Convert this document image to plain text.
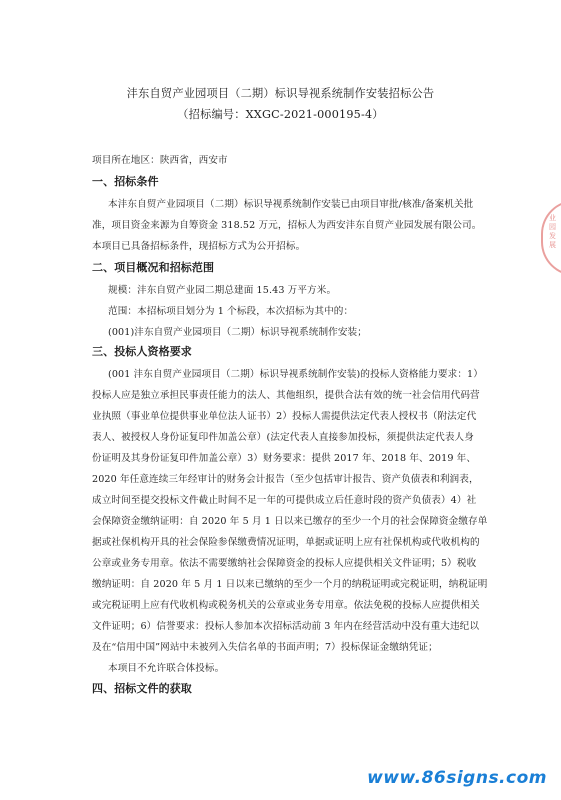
沣东自贸产业园项目（二期）标识导视系统制作安装招标公告
（招标编号：XXGC-2021-000195-4）
项目所在地区：陕西省，西安市
一、招标条件
本沣东自贸产业园项目（二期）标识导视系统制作安装已由项目审批/核准/备案机关批
准，项目资金来源为自筹资金 318.52 万元，招标人为西安沣东自贸产业园发展有限公司。
本项目已具备招标条件，现招标方式为公开招标。
二、项目概况和招标范围
规模：沣东自贸产业园二期总建面 15.43 万平方米。
范围：本招标项目划分为 1 个标段，本次招标为其中的：
(001)沣东自贸产业园项目（二期）标识导视系统制作安装；
三、投标人资格要求
(001 沣东自贸产业园项目（二期）标识导视系统制作安装)的投标人资格能力要求：1）
投标人应是独立承担民事责任能力的法人、其他组织，提供合法有效的统一社会信用代码营
业执照（事业单位提供事业单位法人证书）2）投标人需提供法定代表人授权书（附法定代
表人、被授权人身份证复印件加盖公章）(法定代表人直接参加投标，须提供法定代表人身
份证明及其身份证复印件加盖公章）3）财务要求：提供 2017 年、2018 年、2019 年、
2020 年任意连续三年经审计的财务会计报告（至少包括审计报告、资产负债表和利润表，
成立时间至提交投标文件截止时间不足一年的可提供成立后任意时段的资产负债表）4）社
会保障资金缴纳证明：自 2020 年 5 月 1 日以来已缴存的至少一个月的社会保障资金缴存单
据或社保机构开具的社会保险参保缴费情况证明，单据或证明上应有社保机构或代收机构的
公章或业务专用章。依法不需要缴纳社会保障资金的投标人应提供相关文件证明；5）税收
缴纳证明：自 2020 年 5 月 1 日以来已缴纳的至少一个月的纳税证明或完税证明，纳税证明
或完税证明上应有代收机构或税务机关的公章或业务专用章。依法免税的投标人应提供相关
文件证明；6）信誉要求：投标人参加本次招标活动前 3 年内在经营活动中没有重大违纪以
及在“信用中国”网站中未被列入失信名单的书面声明；7）投标保证金缴纳凭证；
本项目不允许联合体投标。
四、招标文件的获取
业园发展
www.86signs.com
